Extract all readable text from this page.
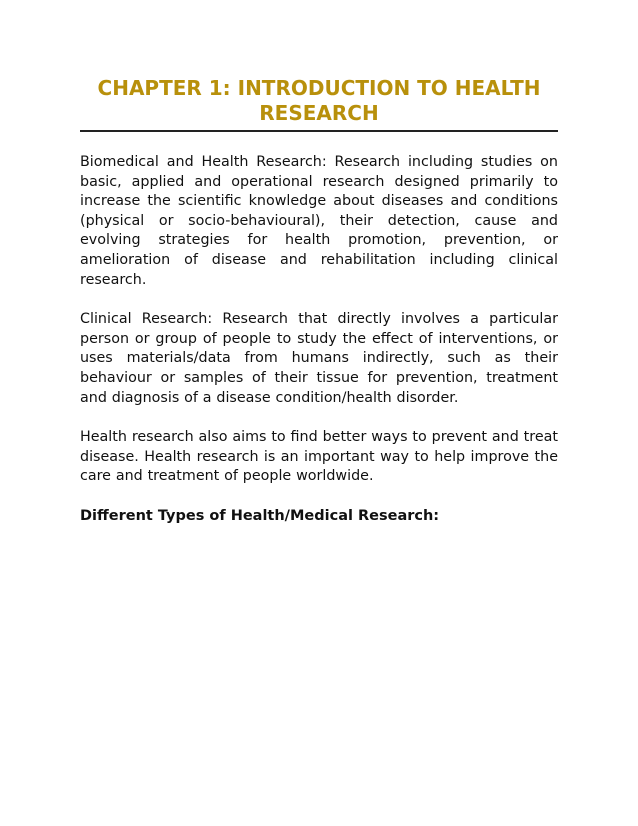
CHAPTER 1: INTRODUCTION TO HEALTH RESEARCH

Biomedical and Health Research: Research including studies on basic, applied and operational research designed primarily to increase the scientific knowledge about diseases and conditions (physical or socio-behavioural), their detection, cause and evolving strategies for health promotion, prevention, or amelioration of disease and rehabilitation including clinical research.

Clinical Research: Research that directly involves a particular person or group of people to study the effect of interventions, or uses materials/data from humans indirectly, such as their behaviour or samples of their tissue for prevention, treatment and diagnosis of a disease condition/health disorder.

Health research also aims to find better ways to prevent and treat disease. Health research is an important way to help improve the care and treatment of people worldwide.

Different Types of Health/Medical Research:
